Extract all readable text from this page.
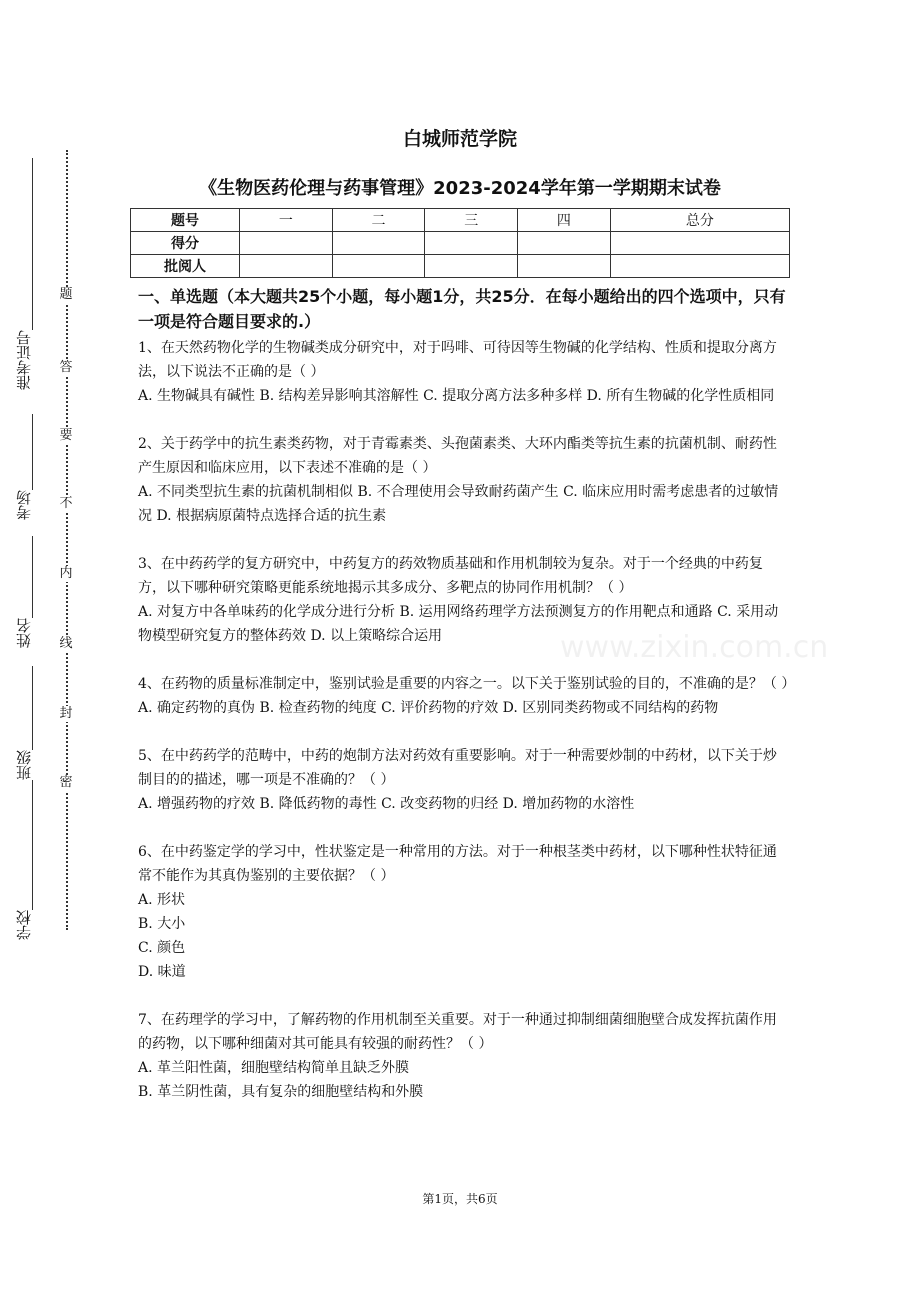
题
答
要
不
内
线
封
密
准考证号
考场
姓名
班级
学校
白城师范学院
《生物医药伦理与药事管理》2023-2024学年第一学期期末试卷
题号	一	二	三	四	总分
得分					
批阅人					

一、单选题（本大题共25个小题，每小题1分，共25分．在每小题给出的四个选项中，只有一项是符合题目要求的.）

1、在天然药物化学的生物碱类成分研究中，对于吗啡、可待因等生物碱的化学结构、性质和提取分离方法，以下说法不正确的是（ ）

A. 生物碱具有碱性 B. 结构差异影响其溶解性 C. 提取分离方法多种多样 D. 所有生物碱的化学性质相同

2、关于药学中的抗生素类药物，对于青霉素类、头孢菌素类、大环内酯类等抗生素的抗菌机制、耐药性产生原因和临床应用，以下表述不准确的是（ ）

A. 不同类型抗生素的抗菌机制相似 B. 不合理使用会导致耐药菌产生 C. 临床应用时需考虑患者的过敏情况 D. 根据病原菌特点选择合适的抗生素

3、在中药药学的复方研究中，中药复方的药效物质基础和作用机制较为复杂。对于一个经典的中药复方，以下哪种研究策略更能系统地揭示其多成分、多靶点的协同作用机制？（ ）

A. 对复方中各单味药的化学成分进行分析 B. 运用网络药理学方法预测复方的作用靶点和通路 C. 采用动物模型研究复方的整体药效 D. 以上策略综合运用

4、在药物的质量标准制定中，鉴别试验是重要的内容之一。以下关于鉴别试验的目的，不准确的是？（ ）

A. 确定药物的真伪 B. 检查药物的纯度 C. 评价药物的疗效 D. 区别同类药物或不同结构的药物

5、在中药药学的范畴中，中药的炮制方法对药效有重要影响。对于一种需要炒制的中药材，以下关于炒制目的的描述，哪一项是不准确的？（ ）

A. 增强药物的疗效 B. 降低药物的毒性 C. 改变药物的归经 D. 增加药物的水溶性

6、在中药鉴定学的学习中，性状鉴定是一种常用的方法。对于一种根茎类中药材，以下哪种性状特征通常不能作为其真伪鉴别的主要依据？（ ）

A. 形状

B. 大小

C. 颜色

D. 味道

7、在药理学的学习中，了解药物的作用机制至关重要。对于一种通过抑制细菌细胞壁合成发挥抗菌作用的药物，以下哪种细菌对其可能具有较强的耐药性？（ ）

A. 革兰阳性菌，细胞壁结构简单且缺乏外膜

B. 革兰阴性菌，具有复杂的细胞壁结构和外膜

www.zixin.com.cn
第1页，共6页
